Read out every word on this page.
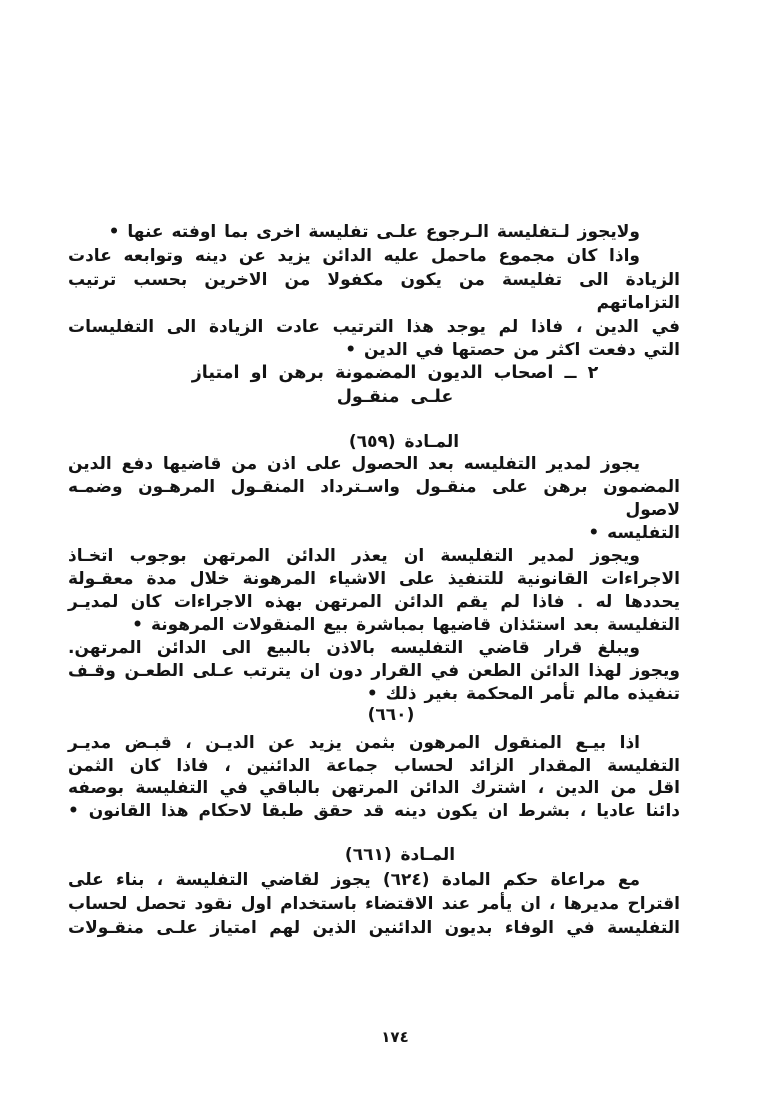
ولايجوز لـتفليسة الـرجوع علـى تفليسة اخرى بما اوفته عنها •
واذا كان مجموع ماحمل عليه الدائن يزيد عن دينه وتوابعه عادت
الزيادة الى تفليسة من يكون مكفولا من الاخرين بحسب ترتيب التزاماتهم
في الدين ، فاذا لم يوجد هذا الترتيب عادت الزيادة الى التفليسات
التي دفعت اكثر من حصتها في الدين •
٢ ــ اصحاب الديون المضمونة برهن او امتياز
علـى منقـول
المـادة (٦٥٩)
يجوز لمدير التفليسه بعد الحصول على اذن من قاضيها دفع الدين
المضمون برهن على منقـول واسـترداد المنقـول المرهـون وضمـه لاصول
التفليسه •
ويجوز لمدير التفليسة ان يعذر الدائن المرتهن بوجوب اتخـاذ
الاجراءات القانونية للتنفيذ على الاشياء المرهونة خلال مدة معقـولة
يحددها له . فاذا لم يقم الدائن المرتهن بهذه الاجراءات كان لمديـر
التفليسة بعد استئذان قاضيها بمباشرة بيع المنقولات المرهونة •
ويبلغ قرار قاضي التفليسه بالاذن بالبيع الى الدائن المرتهن.
ويجوز لهذا الدائن الطعن في القرار دون ان يترتب عـلى الطعـن وقـف
تنفيذه مالم تأمر المحكمة بغير ذلك •
(٦٦٠)
اذا بيـع المنقول المرهون بثمن يزيد عن الديـن ، قبـض مديـر
التفليسة المقدار الزائد لحساب جماعة الدائنين ، فاذا كان الثمن
اقل من الدين ، اشترك الدائن المرتهن بالباقي في التفليسة بوصفه
دائنا عاديا ، بشرط ان يكون دينه قد حقق طبقا لاحكام هذا القانون •
المـادة (٦٦١)
مع مراعاة حكم المادة (٦٢٤) يجوز لقاضي التفليسة ، بناء على
اقتراح مديرها ، ان يأمر عند الاقتضاء باستخدام اول نقود تحصل لحساب
التفليسة في الوفاء بديون الدائنين الذين لهم امتياز علـى منقـولات
١٧٤
